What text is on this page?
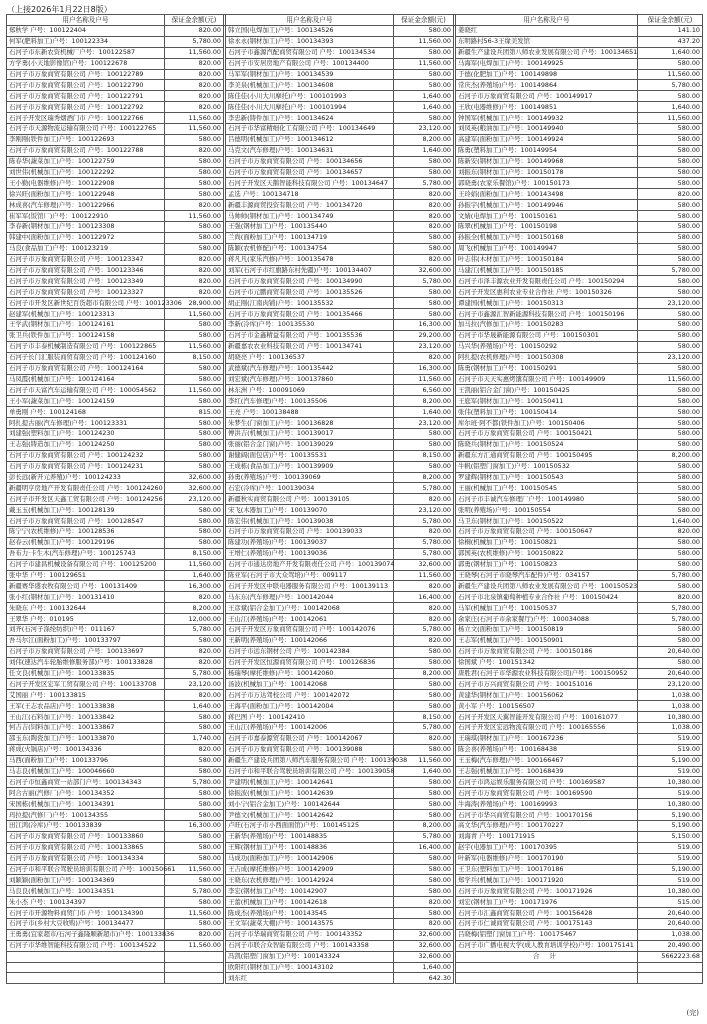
（上接2026年1月22日8版）
用户名称及户号	保证金余额(元)		用户名称及户号	保证金余额(元)		用户名称及户号	保证金余额(元)
郑秋学 户号：100122404	820.00		韩立国(电焊加工)户号：100134526	580.00		姜晓红	141.10
何军(肥料加工)户号：100122334	5,780.00		徐永永(钢材加工)户号：100134393	11,560.00		东明路村56-3王缘美发馆	437.20
石河子市东新农资机械厂户号：100122587	11,560.00		石河子市鑫源汽配商贸有限公司 户号：100134534	580.00		新疆生产建设兵团第八师农业发展有限公司 户号：100134651	1,640.00
方学勇(小天地影像馆)户号：100122678	820.00		石河子市安居房地产有限公司 户号：100134400	11,560.00		马海军(电焊加工)户号：100149925	580.00
石河子市万象商贸有限公司 户号：100122789	820.00		马军军(钢材加工)户号：100134539	580.00		于德(化肥加工)户号：100149898	11,560.00
石河子市万象商贸有限公司 户号：100122790	820.00		李美泉(机械加工)户号：100134608	580.00		常庆杰(养殖场)户号：100149864	5,780.00
石河子市万象商贸有限公司 户号：100122791	820.00		陈佳佳(小川大川摩托)户号：100101993	1,640.00		石河子市万象商贸有限公司 户号：100149917	580.00
石河子市万象商贸有限公司 户号：100122792	820.00		陈佳佳(小川大川摩托)户号：100101994	1,640.00		王欣(电器维修)户号：100149851	1,640.00
石河子开发区瑞秀烟酒门市 户号：100122766	11,560.00		李忠新(铸件加工)户号：100134624	580.00		钟国军(机械加工)户号：100149932	11,560.00
石河子市天源物流运输有限公司 户号：100122765	11,560.00		石河子市华富精细化工有限公司 户号：100134649	23,120.00		刘凤英(粮油加工)户号：100149940	580.00
李刚刚(铁件加工)户号：100122693	580.00		吕德明(机械加工)户号：100134612	8,200.00		高建军(面粉加工)户号：100149924	580.00
石河子市万象商贸有限公司 户号：100122788	820.00		马克文(汽车修理)户号：100134631	1,640.00		陈勇(塑料加工)户号：100149954	580.00
陈春华(蔬菜加工)户号：100122759	580.00		石河子市万象商贸有限公司 户号：100134656	580.00		陈新安(钢材加工)户号：100149968	580.00
刘世伟(机械加工)户号：100122292	580.00		石河子市万象商贸有限公司 户号：100134657	580.00		刘振东(钢材加工)户号：100150178	580.00
王小勤(电器维修)户号：100122908	580.00		石河子开发区天鹅智能科技有限公司 户号：100134647	5,780.00		郭晓勇(农家乐餐馆)户号：100150173	580.00
徐兴旺(面粉加工)户号：100122948	580.00		孟选 户号：100134718	820.00		王玲娟(面粉加工)户号：100143498	820.00
林成喜(汽车修理)户号：100122966	820.00		新疆丰源商贸投资有限公司 户号：100134720	820.00		孙振宇(机械加工)户号：100149946	580.00
崔军军(饭馆厂)户号：100122910	11,560.00		马帅帅(钢材加工)户号：100134749	820.00		文婧(电焊加工)户号：100150161	580.00
李春新(钢材加工)户号：100123308	580.00		王强(钢材加工)户号：100135440	820.00		陈翠(机械加工)户号：100150198	580.00
韩建中(面粉加工)户号：100122972	580.00		兰尚(面粉加工)户号：100134719	580.00		孙振全(机械加工)户号：100150168	580.00
马良(食品加工)户号：100123219	580.00		陈颖(农机修配)户号：100134754	580.00		周飞(机械加工)户号：100149947	580.00
石河子市万象商贸有限公司 户号：100123347	820.00		蒋凡凡(家乐汽修)户号：100135478	820.00		叶志伟(木材加工)户号：100150184	580.00
石河子市万象商贸有限公司 户号：100123346	820.00		刘军(石河子市红旗路东村先疆)户号：100134407	32,600.00		马建江(机械加工)户号：100150185	5,780.00
石河子市万象商贸有限公司 户号：100123349	820.00		石河子市万象商贸有限公司 户号：100134990	5,780.00		石河子市泽丰源农业开发有限责任公司 户号：100150294	580.00
石河子市万象商贸有限公司 户号：100123327	820.00		石河子市元鹏商贸有限公司 户号：100135526	580.00		石河子开发区惠利农业专业合作社 户号：100150326	580.00
石河子市开发区新世纪百货超市有限公司 户号：100123306	28,900.00		胡正刚(江南肉铺)户号：100135532	580.00		谭建国(机械加工)户号：100150313	23,120.00
赵建军(机械加工)户号：100123313	11,560.00		石河子市万象商贸有限公司 户号：100135466	580.00		石河子市鑫源汇智新能源科技有限公司 户号：100150196	580.00
王学武(钢材加工)户号：100124161	580.00		李新(冷库)户号：100135530	16,300.00		加马拉(汽修加工)户号：100150283	580.00
张卫兵(铁件加工)户号：100124158	580.00		石河子市金鑫精益有限公司 户号：100135536	29,200.00		石河子市华晟新能源有限公司 户号：100150301	580.00
石河子市丰泰机械制造有限公司 户号：100122865	11,560.00		新疆嘉农农业科技有限公司 户号：100134741	23,120.00		马兴华(养殖场)户号：100150292	580.00
石河子长门汇服装商贸有限公司 户号：100124160	8,150.00		胡晓亮 户号：100136537	820.00		阿扎提(农机修理)户号：100150308	23,120.00
石河子市万象商贸有限公司 户号：100124164	580.00		武德斌(汽车修理)户号：100135442	16,300.00		陈勇(钢材加工)户号：100150291	580.00
马凤霞(机械加工)户号：100124164	580.00		刘宏斌(汽车修理)户号：100137860	11,560.00		石河子市天天实惠烤馕有限公司 户号：100149909	11,560.00
石河子市天富汽车运输有限公司 户号：100054562	11,560.00		林东洲 户号：100091069	6,560.00		王凯丽(铝合金门窗)户号：100150425	580.00
王小军(蔬菜加工)户号：100124159	580.00		李红(汽车修理)户号：100135506	8,200.00		王庭军(钢材加工)户号：100150411	580.00
单勇刚 户号：100124168	815.00		王亮 户号：100138488	1,640.00		张伟(塑料加工)户号：100150414	580.00
阿扎提古丽(汽车修理)户号：100123331	580.00		朱梦生(门窗加工)户号：100136828	23,120.00		库尔班·阿不都(铁件加工)户号：100150406	580.00
刘建强(塑料加工)户号：100124230	580.00		傅洪吉(机械加工)户号：100139017	580.00		石河子市万象商贸有限公司 户号：100150421	580.00
王志强(铸造加工)户号：100124250	580.00		张丽(铝合金门窗)户号：100139029	580.00		陈晓兵(钢材加工)户号：100150524	580.00
石河子市万象商贸有限公司 户号：100124232	580.00		谢健阔(面包店)户号：100135531	8,150.00		新疆东方汇通商贸有限公司 户号：100150495	8,200.00
石河子市万象商贸有限公司 户号：100124231	580.00		王成栋(食品加工)户号：100139909	580.00		牛帆(铝塑门窗加工)户号：100150532	580.00
彭长远(新开元养殖)户号：100124233	32,600.00		孙勇(养殖场)户号：100139069	8,200.00		罗建辉(钢材加工)户号：100150543	580.00
新疆明亨房地产开发有限责任公司 户号：100124260	32,600.00		石宏(冷库)户号：100139034	5,780.00		王丽(机械加工)户号：100150545	580.00
石河子市开发区天鑫工贸有限公司 户号：100124256	23,120.00		新疆秋实商贸有限公司 户号：100139105	820.00		石河子市丰诚汽车修理厂户号：100149980	580.00
戴玉玉(机械加工)户号：100128139	580.00		宋飞(木器加工)户号：100139070	23,120.00		张明(养殖场)户号：100150554	580.00
石河子市万象商贸有限公司 户号：100128547	580.00		陈宏伟(机械加工)户号：100139038	5,780.00		马卫东(钢材加工)户号：100150522	1,640.00
陈宁宁(农机维修)户号：100128536	580.00		石河子市万象商贸有限公司 户号：100139033	820.00		石河子市万象商贸有限公司 户号：100150647	820.00
赵春云(机械加工)户号：100129196	580.00		陈建功(养殖场)户号：100139037	5,780.00		徐桐(机械加工)户号：100150821	580.00
吾布力·卡生木(汽车修理)户号：100125743	8,150.00		王增仁(养殖场)户号：100139036	5,780.00		郭国英(农机维修)户号：100150822	580.00
石河子市建昌机械设备有限公司 户号：100125200	11,560.00		石河子市通达房地产开发有限责任公司 户号：100139074	32,600.00		郭勇(钢材加工)户号：100150823	580.00
张中华 户号：100129651	1,640.00		陈亚军(石河子市大众驾培)户号：009117	11,560.00		王晓琴(石河子市晓琴汽车配件)户号：034157	5,780.00
新疆赛华盛农牧有限公司 户号：100131409	16,300.00		石河子开发区中联电器服务有限公司 户号：100139113	820.00		新疆生产建设兵团第八师农业发展有限公司 户号：100150523	580.00
张小红(钢材加工)户号：100131410	820.00		马东东(汽车修理)户号：100142044	16,400.00		石河子市北泉镇葡萄种植专业合作社 户号：100150424	820.00
朱晓东 户号：100132644	8,200.00		王彦斌(铝合金加工)户号：100142068	820.00		马军(机械加工)户号：100150537	5,780.00
王翠华 户号：010195	12,000.00		王山江(养殖场)户号：100142061	820.00		余家庄(石河子市余家餐厅)户号：100034088	5,780.00
刘齐(石河子涤纶纺织)户号：011167	5,780.00		石河子开发区万象商贸有限公司 户号：100142076	5,780.00		杨立文(面粉加工)户号：100150819	580.00
吾马尔江(面粉加工)户号：100133797	580.00		王新明(养殖场)户号：100142066	820.00		王志军(机械加工)户号：100150901	580.00
石河子市万象商贸有限公司 户号：100133697	820.00		石河子市远东钢材公司 户号：100142384	580.00		石河子市万象商贸有限公司 户号：100150186	20,640.00
刘伟(速达汽车轮胎维修服务部)户号：100133828	820.00		石河子开发区恒源商贸有限公司 户号：100126836	580.00		徐国斌 户号：100151342	580.00
任文良(机械加工)户号：100133835	5,780.00		杨瑞琴(摩托维修)户号：100142060	8,200.00		唐胜君(石河子市华源农业科技有限公司)户号：100150952	20,640.00
石河子开发区宏军工贸有限公司 户号：100133708	23,120.00		汤波(机械加工)户号：100142068	580.00		石河子市万兴商贸有限公司 户号：100151016	23,120.00
艾国丽 户号：100133815	820.00		石河子市万达驾校公司 户号：100142072	580.00		黄建华(钢材加工)户号：100156062	1,038.00
王军(王志农品店)户号：100133838	1,640.00		王海平(面粉加工)户号：100142004	580.00		黄小军 户号：100156507	1,038.00
王山江(石料加工)户号：100133842	580.00		蒋巴图 户号：100142410	8,150.00		石河子开发区天翼智能开发有限公司 户号：100161077	10,380.00
何吉吉(饲料加工)户号：100133867	580.00		王山江(养殖场)户号：100142006	5,780.00		石河子开发区宏远物流有限公司 户号：100165556	1,038.00
邵玉东(陶瓷加工)户号：100133870	1,740.00		石河子市嘉泰源贸有限公司 户号：100142067	820.00		王瑞琪(钢材加工)户号：100167236	519.00
蒋成(火锅店)户号：100134336	820.00		石河子市万象商贸有限公司 户号：100139088	580.00		陈会喜(养殖场)户号：100168438	519.00
马西(面粉加工)户号：100133796	580.00		新疆生产建设兵团第八师汽车服务有限公司 户号：100139038	11,560.00		王玉梅(汽车修理)户号：100166467	5,190.00
马志良(机械加工)户号：100046660	580.00		石河子市和平联合驾驶员培训有限公司 户号：100139058	1,640.00		王志强(机械加工)户号：100168439	519.00
石河子市恒鑫商贸一站部门户号：100134343	5,780.00		尹建明(机械加工)户号：100142641	580.00		石河子市鸿运娱乐服务有限公司 户号：100169587	10,380.00
阿合古丽(汽修厂)户号：100134352	580.00		徐振波(机械加工)户号：100142639	580.00		石河子市万象商贸有限公司 户号：100169590	519.00
宋国栋(机械加工)户号：100134391	580.00		刘小宁(铝合金加工)户号：100142644	580.00		牛海涛(养殖场)户号：100169993	10,380.00
玛拉提(汽修厂)户号：100134355	580.00		尹德文(机械加工)户号：100142642	580.00		石河子市华兴商贸有限公司 户号：100170156	5,190.00
田江鸿(冷库)户号：100133839	16,300.00		卢旺(石河子市小西面面馆)户号：100145125	8,200.00		高文华(汽车修理)户号：100170227	5,190.00
石河子市万象商贸有限公司 户号：100133860	580.00		王新华(养殖场)户号：100148835	5,780.00		刘海青 户号：100171915	5,150.00
石河子市万象商贸有限公司 户号：100133865	580.00		王辉(钢材加工)户号：100148836	16,400.00		赵宇(电器加工)户号：100170395	519.00
石河子市万象商贸有限公司 户号：100134334	580.00		马成功(面粉加工)户号：100142906	580.00		叶新军(电器维修)户号：100170190	519.00
石河子市和平联合驾驶员培训有限公司 户号：100150661	11,560.00		王吉成(摩托维修)户号：100142909	580.00		王卫东(塑料加工)户号：100170186	5,190.00
刘颖颖(面粉加工)户号：100134369	580.00		王晓东(农机修理)户号：100142924	580.00		郑学兵(机械加工)户号：100171920	519.00
马良良(机械加工)户号：100134351	5,780.00		李宏(钢材加工)户号：100142907	580.00		石河子市万象商贸有限公司 户号：100171926	10,380.00
朱小杰 户号：100134397	580.00		王蕾(机械加工)户号：100142618	820.00		刘宏(钢材加工)户号：100171976	515.00
石河子市开源物料商贸门市 户号：100134390	11,560.00		陈成杰(养殖场)户号：100143545	580.00		石河子市汇鑫商贸有限公司 户号：100156428	20,640.00
石河子市(乡村大豆收购)户号：100134477	580.00		王文军(蔬菜大棚)户号：100143575	820.00		石河子市仁诚商贸有限公司 户号：100175143	20,640.00
王勇勇(宜家超市/石河子鑫隆顺新超市)户号：100133836	820.00		石河子市华瑞商贸有限公司 户号：100143352	32,600.00		吕晓梅(铝塑门窗加工)户号：100175467	1,038.00
石河子市华维智能科技有限公司 户号：100134522	11,560.00		石河子市联合众智能有限公司 户号：100143358	32,600.00		石河子市广播电视大学(成人教育培训学校)户号：100175141	20,490.00
			冯凯(铝塑门窗加工)户号：100143324	32,600.00		合 计	5662223.68
			欧阳红(钢材加工)户号：100143102	1,640.00			
			刘东红	642.30			
(完)
